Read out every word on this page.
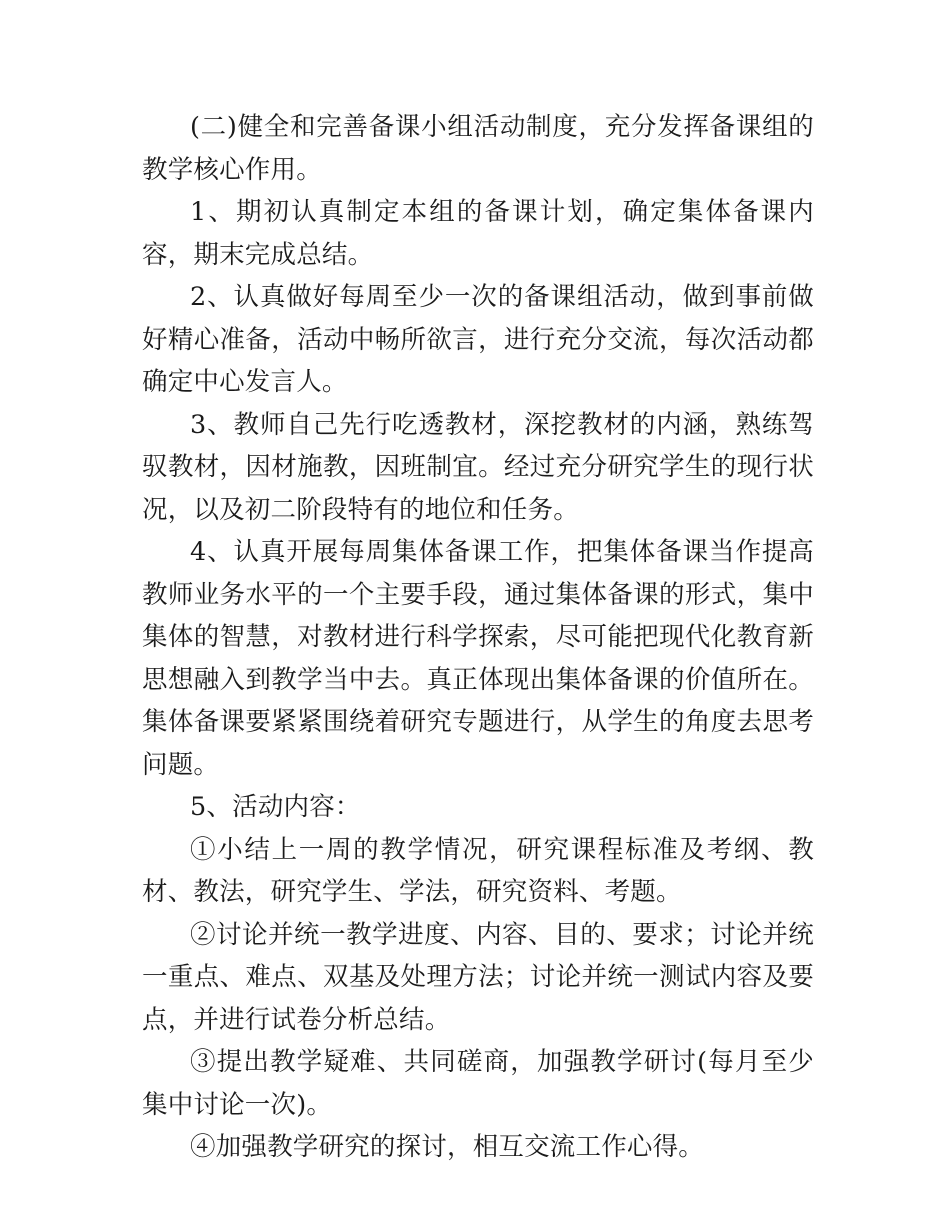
(二)健全和完善备课小组活动制度，充分发挥备课组的教学核心作用。

1、期初认真制定本组的备课计划，确定集体备课内容，期末完成总结。

2、认真做好每周至少一次的备课组活动，做到事前做好精心准备，活动中畅所欲言，进行充分交流，每次活动都确定中心发言人。

3、教师自己先行吃透教材，深挖教材的内涵，熟练驾驭教材，因材施教，因班制宜。经过充分研究学生的现行状况，以及初二阶段特有的地位和任务。

4、认真开展每周集体备课工作，把集体备课当作提高教师业务水平的一个主要手段，通过集体备课的形式，集中集体的智慧，对教材进行科学探索，尽可能把现代化教育新思想融入到教学当中去。真正体现出集体备课的价值所在。集体备课要紧紧围绕着研究专题进行，从学生的角度去思考问题。

5、活动内容：

①小结上一周的教学情况，研究课程标准及考纲、教材、教法，研究学生、学法，研究资料、考题。

②讨论并统一教学进度、内容、目的、要求；讨论并统一重点、难点、双基及处理方法；讨论并统一测试内容及要点，并进行试卷分析总结。

③提出教学疑难、共同磋商，加强教学研讨(每月至少集中讨论一次)。

④加强教学研究的探讨，相互交流工作心得。
